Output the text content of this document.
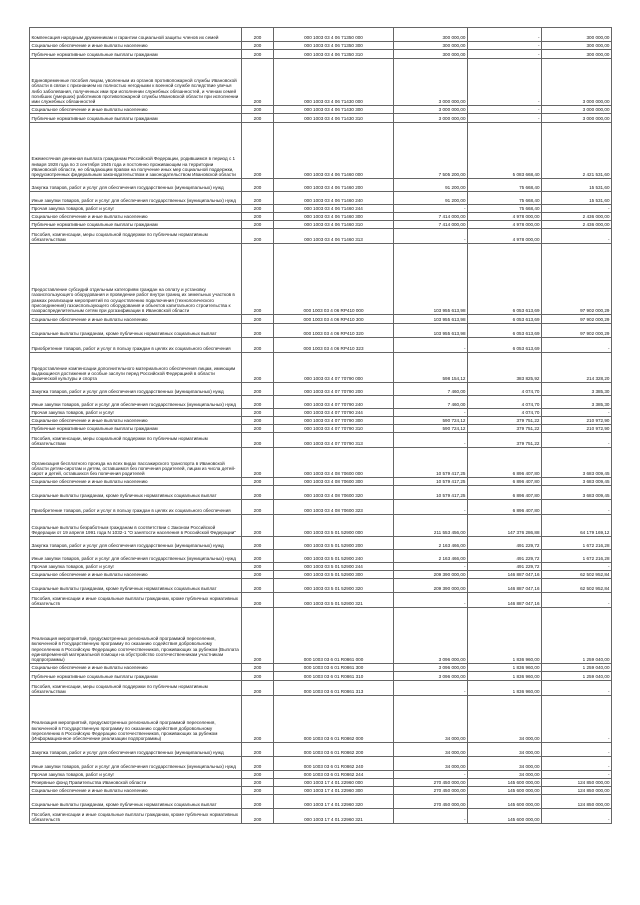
Компенсация народным дружинникам и гарантии социальной защиты членов их семей	200	000 1003 03 4 06 71350 000	300 000,00	-	300 000,00
Социальное обеспечение и иные выплаты населению	200	000 1003 03 4 06 71350 300	300 000,00	-	300 000,00
Публичные нормативные социальные выплаты гражданам	200	000 1003 03 4 06 71350 310	300 000,00	-	300 000,00
Единовременные пособия лицам, уволенным из органов противопожарной службы Ивановской области в связи с признанием их полностью негодными к военной службе вследствие увечья либо заболевания, полученных ими при исполнении служебных обязанностей, и членам семей погибших (умерших) работников противопожарной службы Ивановской области при исполнении ими служебных обязанностей	200	000 1003 03 4 06 71430 000	3 000 000,00	-	3 000 000,00
Социальное обеспечение и иные выплаты населению	200	000 1003 03 4 06 71430 300	3 000 000,00	-	3 000 000,00
Публичные нормативные социальные выплаты гражданам	200	000 1003 03 4 06 71430 310	3 000 000,00	-	3 000 000,00
Ежемесячная денежная выплата гражданам Российской Федерации, родившимся в период с 1 января 1928 года по 3 сентября 1945 года и постоянно проживающим на территории Ивановской области, не обладающим правом на получение иных мер социальной поддержки, предусмотренных федеральным законодательством и законодательством Ивановской области	200	000 1003 03 4 06 71460 000	7 505 200,00	5 083 668,40	2 421 531,60
Закупка товаров, работ и услуг для обеспечения государственных (муниципальных) нужд	200	000 1003 03 4 06 71460 200	91 200,00	75 668,40	15 531,60
Иные закупки товаров, работ и услуг для обеспечения государственных (муниципальных) нужд	200	000 1003 03 4 06 71460 240	91 200,00	75 668,40	15 531,60
Прочая закупка товаров, работ и услуг	200	000 1003 03 4 06 71460 244	-	75 668,40	-
Социальное обеспечение и иные выплаты населению	200	000 1003 03 4 06 71460 300	7 414 000,00	4 978 000,00	2 436 000,00
Публичные нормативные социальные выплаты гражданам	200	000 1003 03 4 06 71460 310	7 414 000,00	4 978 000,00	2 436 000,00
Пособия, компенсации, меры социальной поддержки по публичным нормативным обязательствам	200	000 1003 03 4 06 71460 313	-	4 978 000,00	-
Предоставление субсидий отдельным категориям граждан на оплату и установку газоиспользующего оборудования и проведение работ внутри границ их земельных участков в рамках реализации мероприятий по осуществлению подключения (технологического присоединения) газоиспользующего оборудования и объектов капитального строительства к газораспределительным сетям при догазификации в Ивановской области	200	000 1003 03 4 06 RP410 000	103 955 613,98	6 053 613,69	97 902 000,29
Социальное обеспечение и иные выплаты населению	200	000 1003 03 4 06 RP410 300	103 955 613,98	6 053 613,69	97 902 000,29
Социальные выплаты гражданам, кроме публичных нормативных социальных выплат	200	000 1003 03 4 06 RP410 320	103 955 613,98	6 053 613,69	97 902 000,29
Приобретение товаров, работ и услуг в пользу граждан в целях их социального обеспечения	200	000 1003 03 4 06 RP410 323	-	6 053 613,69	-
Предоставление компенсации дополнительного материального обеспечения лицам, имеющим выдающиеся достижения и особые заслуги перед Российской Федерацией в области физической культуры и спорта	200	000 1003 03 4 07 70790 000	598 154,12	383 825,92	214 328,20
Закупка товаров, работ и услуг для обеспечения государственных (муниципальных) нужд	200	000 1003 03 4 07 70790 200	7 460,00	4 074,70	3 385,30
Иные закупки товаров, работ и услуг для обеспечения государственных (муниципальных) нужд	200	000 1003 03 4 07 70790 240	7 460,00	4 074,70	3 385,30
Прочая закупка товаров, работ и услуг	200	000 1003 03 4 07 70790 244	-	4 074,70	-
Социальное обеспечение и иные выплаты населению	200	000 1003 03 4 07 70790 300	590 724,12	379 751,22	210 972,90
Публичные нормативные социальные выплаты гражданам	200	000 1003 03 4 07 70790 310	590 724,12	379 751,22	210 972,90
Пособия, компенсации, меры социальной поддержки по публичным нормативным обязательствам	200	000 1003 03 4 07 70790 313	-	379 751,22	-
Организация бесплатного проезда на всех видах пассажирского транспорта в Ивановской области детям-сиротам и детям, оставшимся без попечения родителей, лицам из числа детей-сирот и детей, оставшихся без попечения родителей	200	000 1003 03 4 08 70600 000	10 579 417,25	6 896 407,80	3 683 009,45
Социальное обеспечение и иные выплаты населению	200	000 1003 03 4 08 70600 300	10 579 417,25	6 896 407,80	3 683 009,45
Социальные выплаты гражданам, кроме публичных нормативных социальных выплат	200	000 1003 03 4 08 70600 320	10 579 417,25	6 896 407,80	3 683 009,45
Приобретение товаров, работ и услуг в пользу граждан в целях их социального обеспечения	200	000 1003 03 4 08 70600 323	-	6 896 407,80	-
Социальные выплаты безработным гражданам в соответствии с Законом Российской Федерации от 19 апреля 1991 года N 1032-1 "О занятости населения в Российской Федерации"	200	000 1003 03 5 01 52900 000	211 553 456,00	147 376 286,88	64 179 169,12
Закупка товаров, работ и услуг для обеспечения государственных (муниципальных) нужд	200	000 1003 03 5 01 52900 200	2 163 466,00	491 229,72	1 672 216,28
Иные закупки товаров, работ и услуг для обеспечения государственных (муниципальных) нужд	200	000 1003 03 5 01 52900 240	2 163 466,00	491 229,72	1 672 216,28
Прочая закупка товаров, работ и услуг	200	000 1003 03 5 01 52900 244	-	491 229,72	-
Социальное обеспечение и иные выплаты населению	200	000 1003 03 5 01 52900 300	209 390 000,00	146 887 047,16	62 502 952,84
Социальные выплаты гражданам, кроме публичных нормативных социальных выплат	200	000 1003 03 5 01 52900 320	209 390 000,00	146 887 047,16	62 502 952,84
Пособия, компенсации и иные социальные выплаты гражданам, кроме публичных нормативных обязательств	200	000 1003 03 5 01 52900 321	-	146 887 047,16	-
Реализация мероприятий, предусмотренных региональной программой переселения, включенной в Государственную программу по оказанию содействия добровольному переселению в Российскую Федерацию соотечественников, проживающих за рубежом (Выплата единовременной материальной помощи на обустройство соотечественникам участникам подпрограммы)	200	000 1003 03 6 01 R0861 000	3 096 000,00	1 836 960,00	1 259 040,00
Социальное обеспечение и иные выплаты населению	200	000 1003 03 6 01 R0861 300	3 096 000,00	1 836 960,00	1 259 040,00
Публичные нормативные социальные выплаты гражданам	200	000 1003 03 6 01 R0861 310	3 096 000,00	1 836 960,00	1 259 040,00
Пособия, компенсации, меры социальной поддержки по публичным нормативным обязательствам	200	000 1003 03 6 01 R0861 313	-	1 836 960,00	-
Реализация мероприятий, предусмотренных региональной программой переселения, включенной в Государственную программу по оказанию содействия добровольному переселению в Российскую Федерацию соотечественников, проживающих за рубежом (Информационное обеспечение реализации подпрограммы)	200	000 1003 03 6 01 R0862 000	34 000,00	34 000,00	-
Закупка товаров, работ и услуг для обеспечения государственных (муниципальных) нужд	200	000 1003 03 6 01 R0862 200	34 000,00	34 000,00	-
Иные закупки товаров, работ и услуг для обеспечения государственных (муниципальных) нужд	200	000 1003 03 6 01 R0862 240	34 000,00	34 000,00	-
Прочая закупка товаров, работ и услуг	200	000 1003 03 6 01 R0862 244	-	34 000,00	-
Резервные фонд Правительства Ивановской области	200	000 1003 17 4 01 22960 000	270 450 000,00	145 600 000,00	124 850 000,00
Социальное обеспечение и иные выплаты населению	200	000 1003 17 4 01 22960 300	270 450 000,00	145 600 000,00	124 850 000,00
Социальные выплаты гражданам, кроме публичных нормативных социальных выплат	200	000 1003 17 4 01 22960 320	270 450 000,00	145 600 000,00	124 850 000,00
Пособия, компенсации и иные социальные выплаты гражданам, кроме публичных нормативных обязательств	200	000 1003 17 4 01 22960 321	-	145 600 000,00	-
